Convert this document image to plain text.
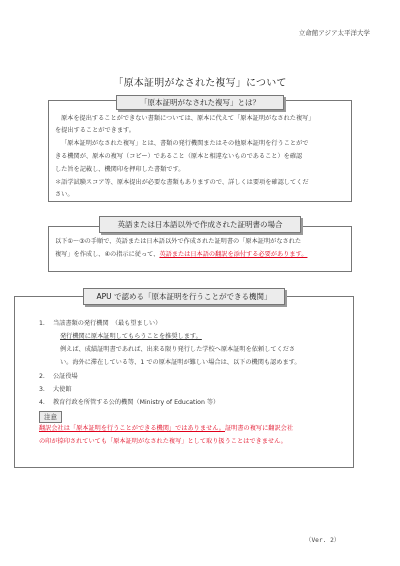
立命館アジア太平洋大学
「原本証明がなされた複写」について
「原本証明がなされた複写」とは？
原本を提出することができない書類については、原本に代えて「原本証明がなされた複写」
を提出することができます。
「原本証明がなされた複写」とは、書類の発行機関またはその他原本証明を行うことがで
きる機関が、原本の複写（コピー）であること（原本と相違ないものであること）を確認
した旨を記載し、機関印を押印した書類です。
＊語学試験スコア等、原本提出が必要な書類もありますので、詳しくは要項を確認してくだ
さい。
英語または日本語以外で作成された証明書の場合
以下①～③の手順で、英語または日本語以外で作成された証明書の「原本証明がなされた
複写」を作成し、④の指示に従って、英語または日本語の翻訳を添付する必要があります。
APU で認める「原本証明を行うことができる機関」
1. 当該書類の発行機関　 （最も望ましい）
発行機関に原本証明してもらうことを推奨します。
例えば、成績証明書であれば、出来る限り発行した学校へ原本証明を依頼してくださ
い。海外に滞在している等、1 での原本証明が難しい場合は、以下の機関も認めます。
2. 公証役場
3. 大使館
4. 教育行政を所管する公的機関（Ministry of Education 等）
注意
翻訳会社は「原本証明を行うことができる機関」ではありません。証明書の複写に翻訳会社
の印が捺印されていても「原本証明がなされた複写」として取り扱うことはできません。
（Ver. 2）
